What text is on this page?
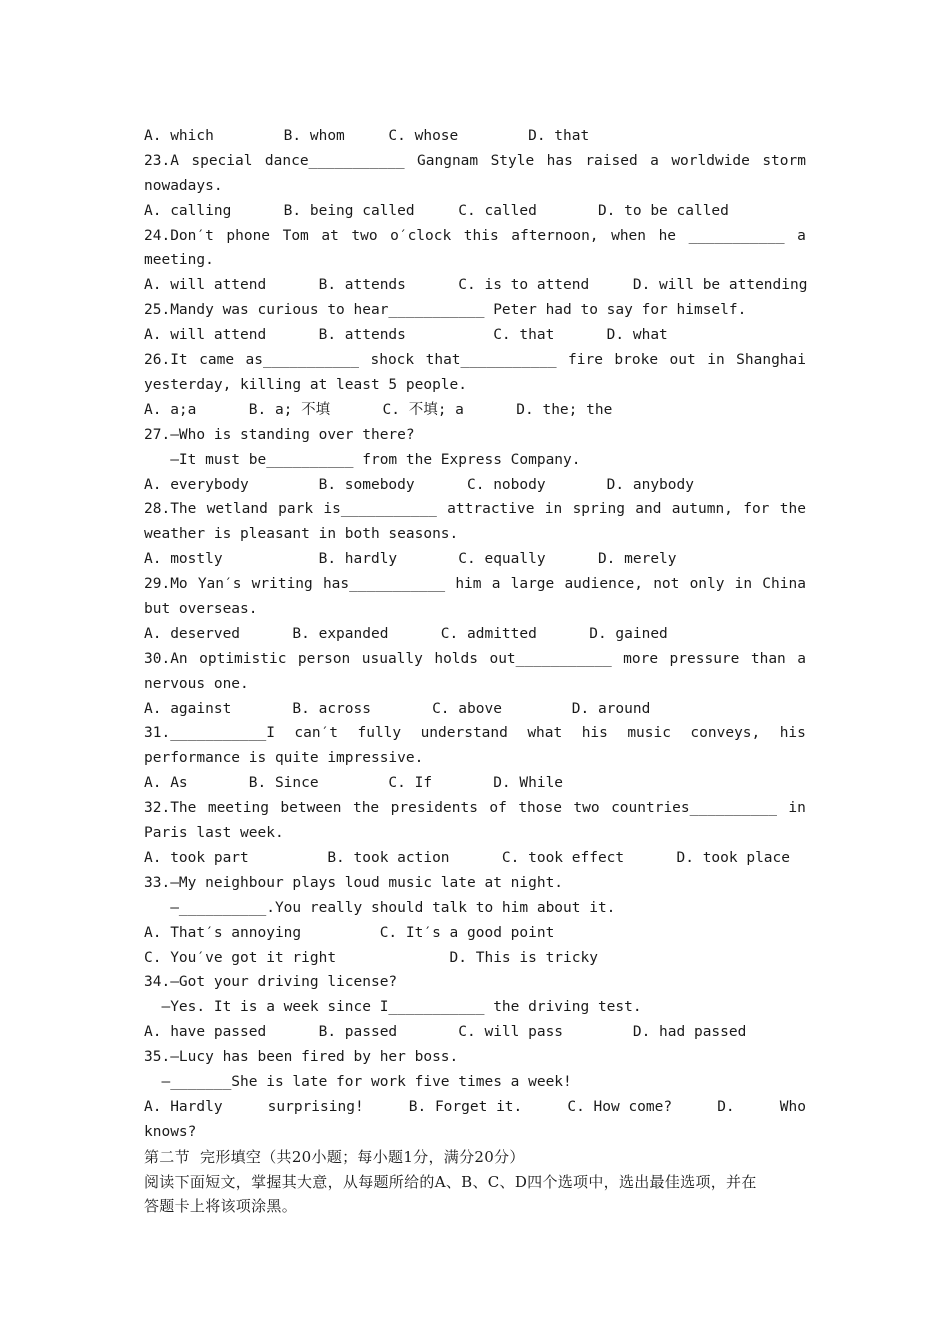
A. which        B. whom     C. whose        D. that
23.A special dance___________ Gangnam Style has raised a worldwide storm
nowadays.
A. calling      B. being called     C. called       D. to be called
24.Don′t phone Tom at two o′clock this afternoon, when he ___________ a
meeting.
A. will attend      B. attends      C. is to attend     D. will be attending
25.Mandy was curious to hear___________ Peter had to say for himself.
A. will attend      B. attends          C. that      D. what
26.It came as___________ shock that___________ fire broke out in Shanghai
yesterday, killing at least 5 people.
A. a;a      B. a; 不填      C. 不填; a      D. the; the
27.—Who is standing over there?
—It must be__________ from the Express Company.
A. everybody        B. somebody      C. nobody       D. anybody
28.The wetland park is___________ attractive in spring and autumn, for the
weather is pleasant in both seasons.
A. mostly           B. hardly       C. equally      D. merely
29.Mo Yan′s writing has___________ him a large audience, not only in China
but overseas.
A. deserved      B. expanded      C. admitted      D. gained
30.An optimistic person usually holds out___________ more pressure than a
nervous one.
A. against       B. across       C. above        D. around
31.___________I can′t fully understand what his music conveys, his
performance is quite impressive.
A. As       B. Since        C. If       D. While
32.The meeting between the presidents of those two countries__________ in
Paris last week.
A. took part         B. took action      C. took effect      D. took place
33.—My neighbour plays loud music late at night.
—__________.You really should talk to him about it.
A. That′s annoying         C. It′s a good point
C. You′ve got it right             D. This is tricky
34.—Got your driving license?
—Yes. It is a week since I___________ the driving test.
A. have passed      B. passed       C. will pass        D. had passed
35.—Lucy has been fired by her boss.
—_______She is late for work five times a week!
A. Hardly	surprising!	B. Forget it.	C. How come?	D.	Who
knows?
第二节  完形填空（共20小题；每小题1分，满分20分）
阅读下面短文，掌握其大意，从每题所给的A、B、C、D四个选项中，选出最佳选项，并在
答题卡上将该项涂黑。
